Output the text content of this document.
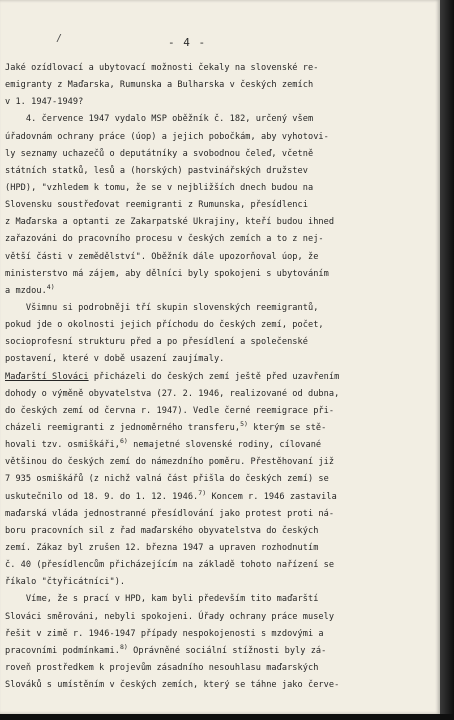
/	- 4 -
Jaké ozídlovací a ubytovací možnosti čekaly na slovenské re-
emigranty z Maďarska, Rumunska a Bulharska v českých zemích
v 1. 1947-1949?
4. července 1947 vydalo MSP oběžník č. 182, určený všem
úřadovnám ochrany práce (úop) a jejich pobočkám, aby vyhotovi-
ly seznamy uchazečů o deputátníky a svobodnou čeleď, včetně
státních statků, lesů a (horských) pastvinářských družstev
(HPD), "vzhledem k tomu, že se v nejbližších dnech budou na
Slovensku soustřeďovat reemigranti z Rumunska, přesídlenci
z Maďarska a optanti ze Zakarpatské Ukrajiny, kteří budou ihned
zařazováni do pracovního procesu v českých zemích a to z nej-
větší části v zemědělství". Oběžník dále upozorňoval úop, že
ministerstvo má zájem, aby dělníci byly spokojeni s ubytováním
a mzdou.$^{4)}$
Všimnu si podrobněji tří skupin slovenských reemigrantů,
pokud jde o okolnosti jejich příchodu do českých zemí, počet,
socioprofesní strukturu před a po přesídlení a společenské
postavení, které v době usazení zaujímaly.
Maďarští Slováci přicházeli do českých zemí ještě před uzavřením
dohody o výměně obyvatelstva (27. 2. 1946, realizované od dubna,
do českých zemí od června r. 1947). Vedle černé reemigrace při-
cházeli reemigranti z jednoměrného transferu,$^{5)}$ kterým se stě-
hovali tzv. osmiškáři,$^{6)}$ nemajetné slovenské rodiny, cílované
většinou do českých zemí do námezdního poměru. Přestěhovaní již
7 935 osmiškářů (z nichž valná část přišla do českých zemí) se
uskutečnilo od 18. 9. do 1. 12. 1946.$^{7)}$ Koncem r. 1946 zastavila
maďarská vláda jednostranné přesídlování jako protest proti ná-
boru pracovních sil z řad maďarského obyvatelstva do českých
zemí. Zákaz byl zrušen 12. března 1947 a upraven rozhodnutím
č. 40 (přesídlencům přicházejícím na základě tohoto nařízení se
říkalo "čtyřicátníci").
Víme, že s prací v HPD, kam byli především tito maďarští
Slováci směrováni, nebyli spokojeni. Úřady ochrany práce musely
řešit v zimě r. 1946-1947 případy nespokojenosti s mzdovými a
pracovními podmínkami.$^{8)}$ Oprávněné sociální stížnosti byly zá-
roveň prostředkem k projevům zásadního nesouhlasu maďarských
Slováků s umístěním v českých zemích, který se táhne jako červe-
